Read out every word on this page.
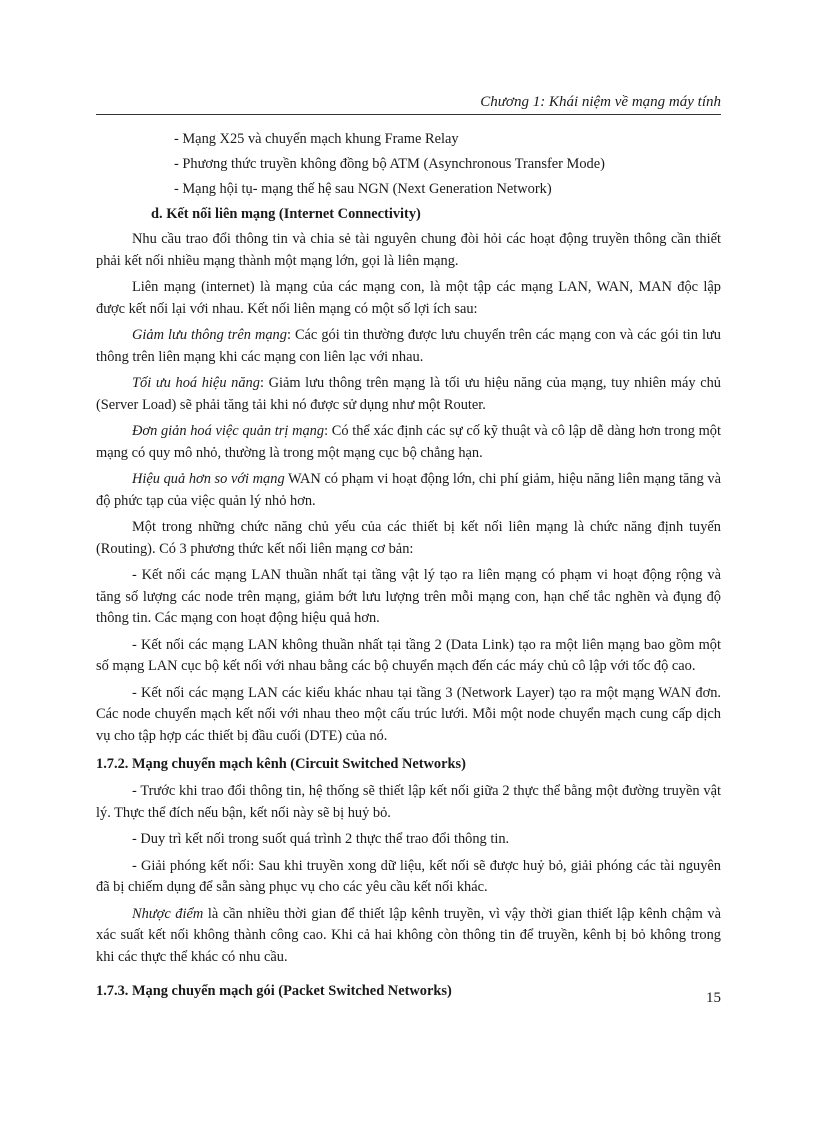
Chương 1: Khái niệm về mạng máy tính

- Mạng X25 và chuyển mạch khung Frame Relay

- Phương thức truyền không đồng bộ ATM (Asynchronous Transfer Mode)

- Mạng hội tụ- mạng thế hệ sau NGN (Next Generation Network)

d. Kết nối liên mạng (Internet Connectivity)

Nhu cầu trao đổi thông tin và chia sẻ tài nguyên chung đòi hỏi các hoạt động truyền thông cần thiết phải kết nối nhiều mạng thành một mạng lớn, gọi là liên mạng.

Liên mạng (internet) là mạng của các mạng con, là một tập các mạng LAN, WAN, MAN độc lập được kết nối lại với nhau. Kết nối liên mạng có một số lợi ích sau:

Giảm lưu thông trên mạng: Các gói tin thường được lưu chuyển trên các mạng con và các gói tin lưu thông trên liên mạng khi các mạng con liên lạc với nhau.

Tối ưu hoá hiệu năng: Giảm lưu thông trên mạng là tối ưu hiệu năng của mạng, tuy nhiên máy chủ (Server Load) sẽ phải tăng tải khi nó được sử dụng như một Router.

Đơn giản hoá việc quản trị mạng: Có thể xác định các sự cố kỹ thuật và cô lập dễ dàng hơn trong một mạng có quy mô nhỏ, thường là trong một mạng cục bộ chẳng hạn.

Hiệu quả hơn so với mạng WAN có phạm vi hoạt động lớn, chi phí giảm, hiệu năng liên mạng tăng và độ phức tạp của việc quản lý nhỏ hơn.

Một trong những chức năng chủ yếu của các thiết bị kết nối liên mạng là chức năng định tuyến (Routing). Có 3 phương thức kết nối liên mạng cơ bản:

- Kết nối các mạng LAN thuần nhất tại tầng vật lý tạo ra liên mạng có phạm vi hoạt động rộng và tăng số lượng các node trên mạng, giảm bớt lưu lượng trên mỗi mạng con, hạn chế tắc nghẽn và đụng độ thông tin. Các mạng con hoạt động hiệu quả hơn.

- Kết nối các mạng LAN không thuần nhất tại tầng 2 (Data Link) tạo ra một liên mạng bao gồm một số mạng LAN cục bộ kết nối với nhau bằng các bộ chuyển mạch đến các máy chủ cô lập với tốc độ cao.

- Kết nối các mạng LAN các kiểu khác nhau tại tầng 3 (Network Layer) tạo ra một mạng WAN đơn. Các node chuyển mạch kết nối với nhau theo một cấu trúc lưới. Mỗi một node chuyển mạch cung cấp dịch vụ cho tập hợp các thiết bị đầu cuối (DTE) của nó.

1.7.2. Mạng chuyển mạch kênh (Circuit Switched Networks)

- Trước khi trao đổi thông tin, hệ thống sẽ thiết lập kết nối giữa 2 thực thể bằng một đường truyền vật lý. Thực thể đích nếu bận, kết nối này sẽ bị huỷ bỏ.

- Duy trì kết nối trong suốt quá trình 2 thực thể trao đổi thông tin.

- Giải phóng kết nối: Sau khi truyền xong dữ liệu, kết nối sẽ được huỷ bỏ, giải phóng các tài nguyên đã bị chiếm dụng để sẵn sàng phục vụ cho các yêu cầu kết nối khác.

Nhược điểm là cần nhiều thời gian để thiết lập kênh truyền, vì vậy thời gian thiết lập kênh chậm và xác suất kết nối không thành công cao. Khi cả hai không còn thông tin để truyền, kênh bị bỏ không trong khi các thực thể khác có nhu cầu.

1.7.3. Mạng chuyển mạch gói (Packet Switched Networks)	15
